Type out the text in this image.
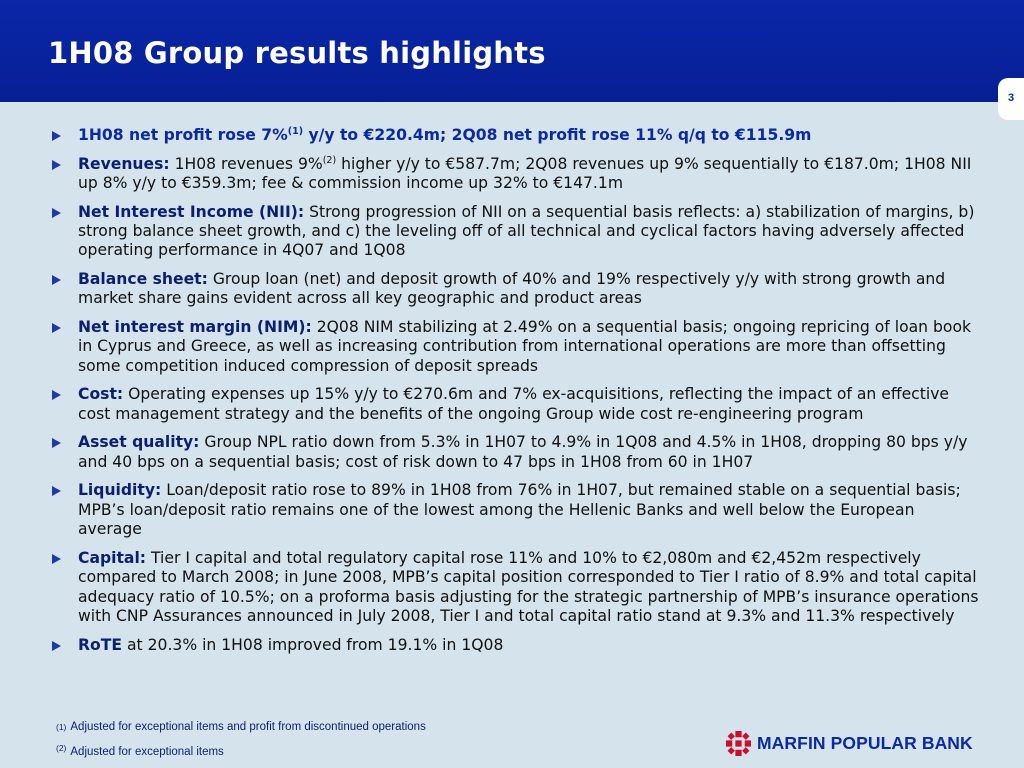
1H08 Group results highlights
3
1H08 net profit rose 7%$^{(1)}$ y/y to €220.4m; 2Q08 net profit rose 11% q/q to €115.9m
Revenues: 1H08 revenues 9%$^{(2)}$ higher y/y to €587.7m; 2Q08 revenues up 9% sequentially to €187.0m; 1H08 NII up 8% y/y to €359.3m; fee & commission income up 32% to €147.1m
Net Interest Income (NII): Strong progression of NII on a sequential basis reflects: a) stabilization of margins, b) strong balance sheet growth, and c) the leveling off of all technical and cyclical factors having adversely affected operating performance in 4Q07 and 1Q08
Balance sheet: Group loan (net) and deposit growth of 40% and 19% respectively y/y with strong growth and market share gains evident across all key geographic and product areas
Net interest margin (NIM): 2Q08 NIM stabilizing at 2.49% on a sequential basis; ongoing repricing of loan book in Cyprus and Greece, as well as increasing contribution from international operations are more than offsetting some competition induced compression of deposit spreads
Cost: Operating expenses up 15% y/y to €270.6m and 7% ex-acquisitions, reflecting the impact of an effective cost management strategy and the benefits of the ongoing Group wide cost re-engineering program
Asset quality: Group NPL ratio down from 5.3% in 1H07 to 4.9% in 1Q08 and 4.5% in 1H08, dropping 80 bps y/y and 40 bps on a sequential basis; cost of risk down to 47 bps in 1H08 from 60 in 1H07
Liquidity: Loan/deposit ratio rose to 89% in 1H08 from 76% in 1H07, but remained stable on a sequential basis; MPB’s loan/deposit ratio remains one of the lowest among the Hellenic Banks and well below the European average
Capital: Tier I capital and total regulatory capital rose 11% and 10% to €2,080m and €2,452m respectively compared to March 2008; in June 2008, MPB’s capital position corresponded to Tier I ratio of 8.9% and total capital adequacy ratio of 10.5%; on a proforma basis adjusting for the strategic partnership of MPB’s insurance operations with CNP Assurances announced in July 2008, Tier I and total capital ratio stand at 9.3% and 11.3% respectively
RoTE at 20.3% in 1H08 improved from 19.1% in 1Q08
(1) Adjusted for exceptional items and profit from discontinued operations
$^{(2)}$ Adjusted for exceptional items	MARFIN POPULAR BANK
